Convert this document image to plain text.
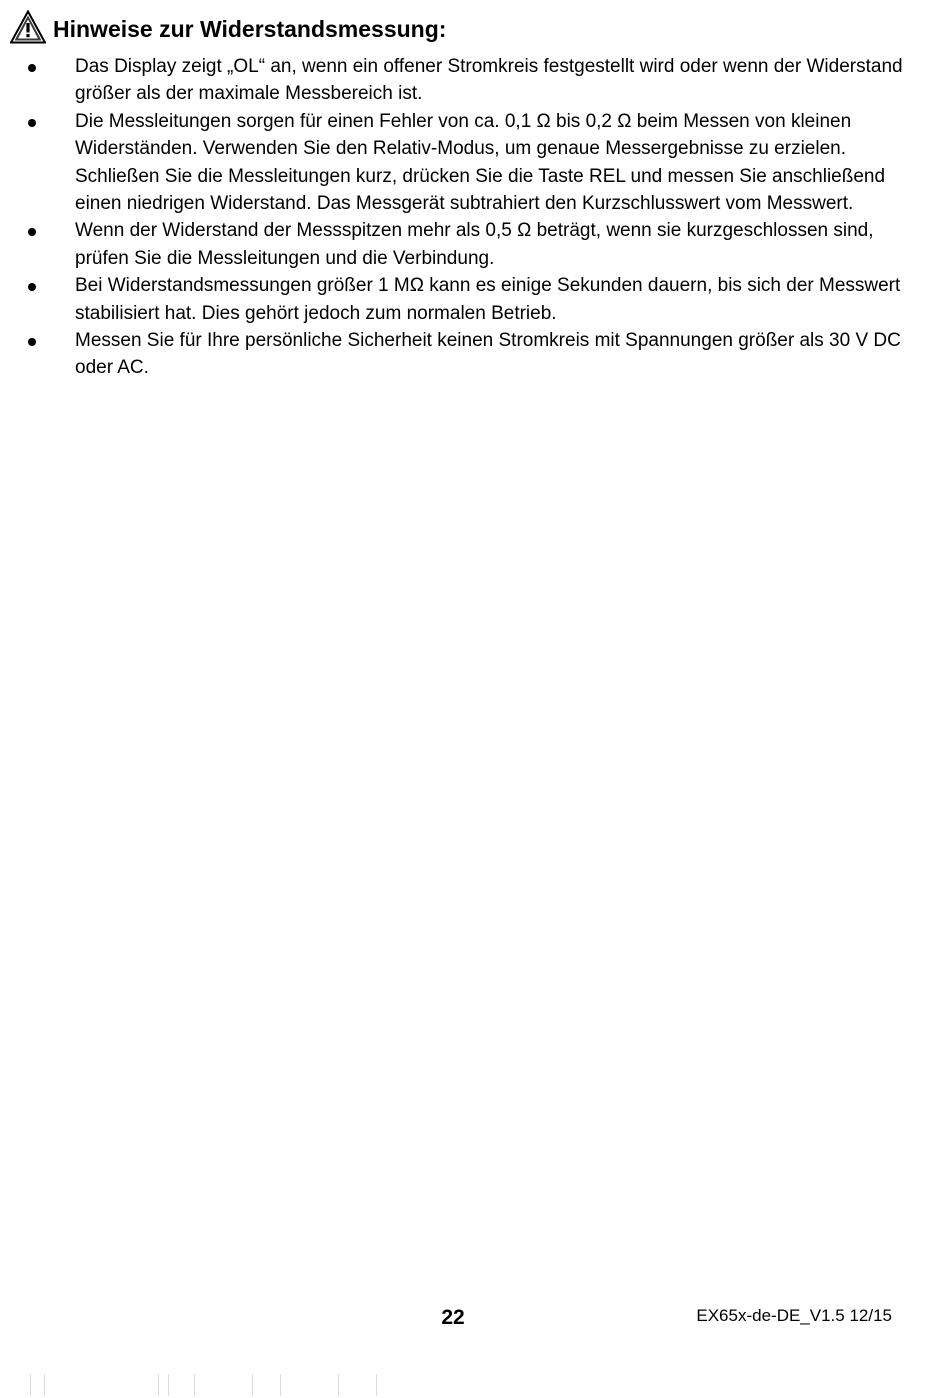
Hinweise zur Widerstandsmessung:
Das Display zeigt „OL“ an, wenn ein offener Stromkreis festgestellt wird oder wenn der Widerstand größer als der maximale Messbereich ist.
Die Messleitungen sorgen für einen Fehler von ca. 0,1 Ω bis 0,2 Ω beim Messen von kleinen Widerständen. Verwenden Sie den Relativ-Modus, um genaue Messergebnisse zu erzielen. Schließen Sie die Messleitungen kurz, drücken Sie die Taste REL und messen Sie anschließend einen niedrigen Widerstand. Das Messgerät subtrahiert den Kurzschlusswert vom Messwert.
Wenn der Widerstand der Messspitzen mehr als 0,5 Ω beträgt, wenn sie kurzgeschlossen sind, prüfen Sie die Messleitungen und die Verbindung.
Bei Widerstandsmessungen größer 1 MΩ kann es einige Sekunden dauern, bis sich der Messwert stabilisiert hat. Dies gehört jedoch zum normalen Betrieb.
Messen Sie für Ihre persönliche Sicherheit keinen Stromkreis mit Spannungen größer als 30 V DC oder AC.
22	EX65x-de-DE_V1.5 12/15
